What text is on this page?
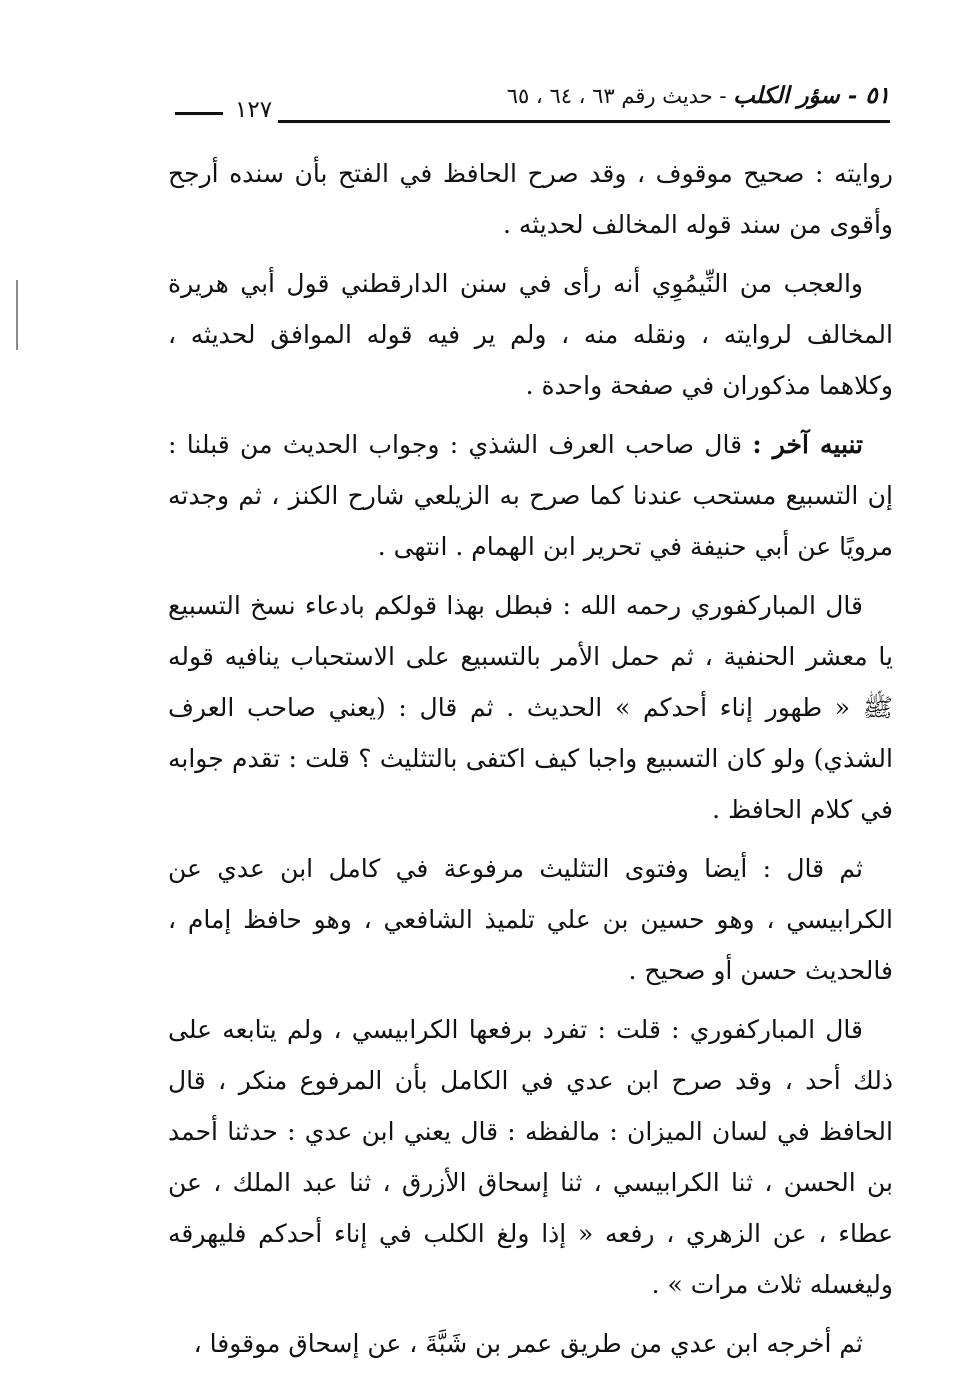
٥١ - سؤر الكلب - حديث رقم ٦٣ ، ٦٤ ، ٦٥
١٢٧

روايته : صحيح موقوف ، وقد صرح الحافظ في الفتح بأن سنده أرجح وأقوى من سند قوله المخالف لحديثه .

والعجب من النِّيمُوِي أنه رأى في سنن الدارقطني قول أبي هريرة المخالف لروايته ، ونقله منه ، ولم ير فيه قوله الموافق لحديثه ، وكلاهما مذكوران في صفحة واحدة .

تنبيه آخر : قال صاحب العرف الشذي : وجواب الحديث من قبلنا : إن التسبيع مستحب عندنا كما صرح به الزيلعي شارح الكنز ، ثم وجدته مرويًا عن أبي حنيفة في تحرير ابن الهمام . انتهى .

قال المباركفوري رحمه الله : فبطل بهذا قولكم بادعاء نسخ التسبيع يا معشر الحنفية ، ثم حمل الأمر بالتسبيع على الاستحباب ينافيه قوله ﷺ « طهور إناء أحدكم » الحديث . ثم قال : (يعني صاحب العرف الشذي) ولو كان التسبيع واجبا كيف اكتفى بالتثليث ؟ قلت : تقدم جوابه في كلام الحافظ .

ثم قال : أيضا وفتوى التثليث مرفوعة في كامل ابن عدي عن الكرابيسي ، وهو حسين بن علي تلميذ الشافعي ، وهو حافظ إمام ، فالحديث حسن أو صحيح .

قال المباركفوري : قلت : تفرد برفعها الكرابيسي ، ولم يتابعه على ذلك أحد ، وقد صرح ابن عدي في الكامل بأن المرفوع منكر ، قال الحافظ في لسان الميزان : مالفظه : قال يعني ابن عدي : حدثنا أحمد بن الحسن ، ثنا الكرابيسي ، ثنا إسحاق الأزرق ، ثنا عبد الملك ، عن عطاء ، عن الزهري ، رفعه « إذا ولغ الكلب في إناء أحدكم فليهرقه وليغسله ثلاث مرات » .

ثم أخرجه ابن عدي من طريق عمر بن شَبَّةَ ، عن إسحاق موقوفا ،
